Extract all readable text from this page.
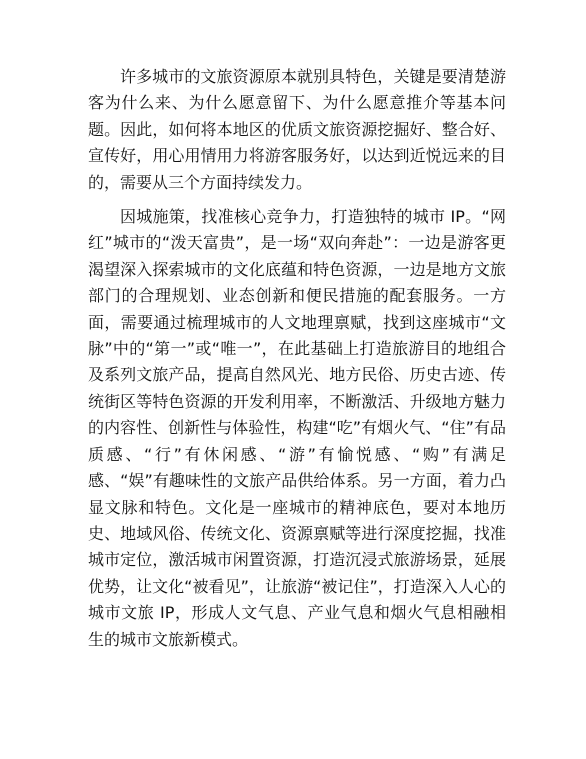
许多城市的文旅资源原本就别具特色，关键是要清楚游客为什么来、为什么愿意留下、为什么愿意推介等基本问题。因此，如何将本地区的优质文旅资源挖掘好、整合好、宣传好，用心用情用力将游客服务好，以达到近悦远来的目的，需要从三个方面持续发力。

因城施策，找准核心竞争力，打造独特的城市 IP。“网红”城市的“泼天富贵”，是一场“双向奔赴”：一边是游客更渴望深入探索城市的文化底蕴和特色资源，一边是地方文旅部门的合理规划、业态创新和便民措施的配套服务。一方面，需要通过梳理城市的人文地理禀赋，找到这座城市“文脉”中的“第一”或“唯一”，在此基础上打造旅游目的地组合及系列文旅产品，提高自然风光、地方民俗、历史古迹、传统街区等特色资源的开发利用率，不断激活、升级地方魅力的内容性、创新性与体验性，构建“吃”有烟火气、“住”有品质感、“行”有休闲感、“游”有愉悦感、“购”有满足感、“娱”有趣味性的文旅产品供给体系。另一方面，着力凸显文脉和特色。文化是一座城市的精神底色，要对本地历史、地域风俗、传统文化、资源禀赋等进行深度挖掘，找准城市定位，激活城市闲置资源，打造沉浸式旅游场景，延展优势，让文化“被看见”，让旅游“被记住”，打造深入人心的城市文旅 IP，形成人文气息、产业气息和烟火气息相融相生的城市文旅新模式。
